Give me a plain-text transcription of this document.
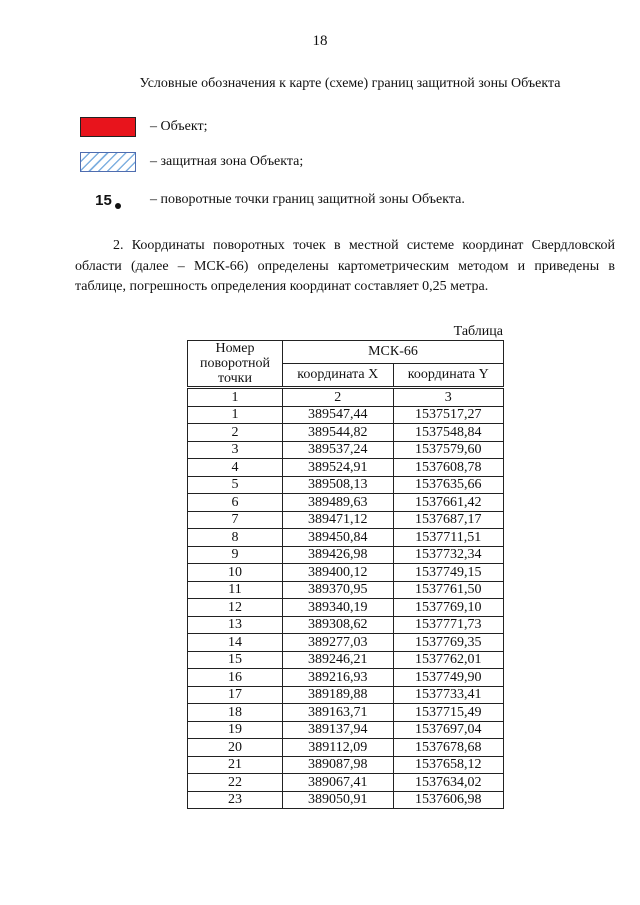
18
Условные обозначения к карте (схеме) границ защитной зоны Объекта
– Объект;
– защитная зона Объекта;
15	– поворотные точки границ защитной зоны Объекта.
2. Координаты поворотных точек в местной системе координат Свердловской области (далее – МСК-66) определены картометрическим методом и приведены в таблице, погрешность определения координат составляет 0,25 метра.
Таблица
Номер поворотной точки	МСК-66	
	координата X	координата Y
1	2	3
1	389547,44	1537517,27
2	389544,82	1537548,84
3	389537,24	1537579,60
4	389524,91	1537608,78
5	389508,13	1537635,66
6	389489,63	1537661,42
7	389471,12	1537687,17
8	389450,84	1537711,51
9	389426,98	1537732,34
10	389400,12	1537749,15
11	389370,95	1537761,50
12	389340,19	1537769,10
13	389308,62	1537771,73
14	389277,03	1537769,35
15	389246,21	1537762,01
16	389216,93	1537749,90
17	389189,88	1537733,41
18	389163,71	1537715,49
19	389137,94	1537697,04
20	389112,09	1537678,68
21	389087,98	1537658,12
22	389067,41	1537634,02
23	389050,91	1537606,98
